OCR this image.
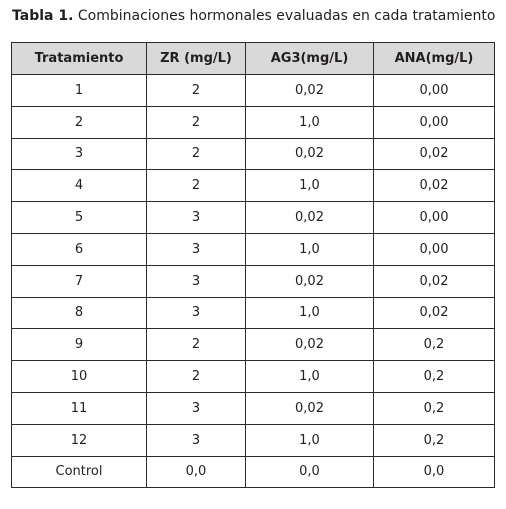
Tabla 1. Combinaciones hormonales evaluadas en cada tratamiento
Tratamiento	ZR (mg/L)	AG3(mg/L)	ANA(mg/L)
1	2	0,02	0,00
2	2	1,0	0,00
3	2	0,02	0,02
4	2	1,0	0,02
5	3	0,02	0,00
6	3	1,0	0,00
7	3	0,02	0,02
8	3	1,0	0,02
9	2	0,02	0,2
10	2	1,0	0,2
11	3	0,02	0,2
12	3	1,0	0,2
Control	0,0	0,0	0,0
